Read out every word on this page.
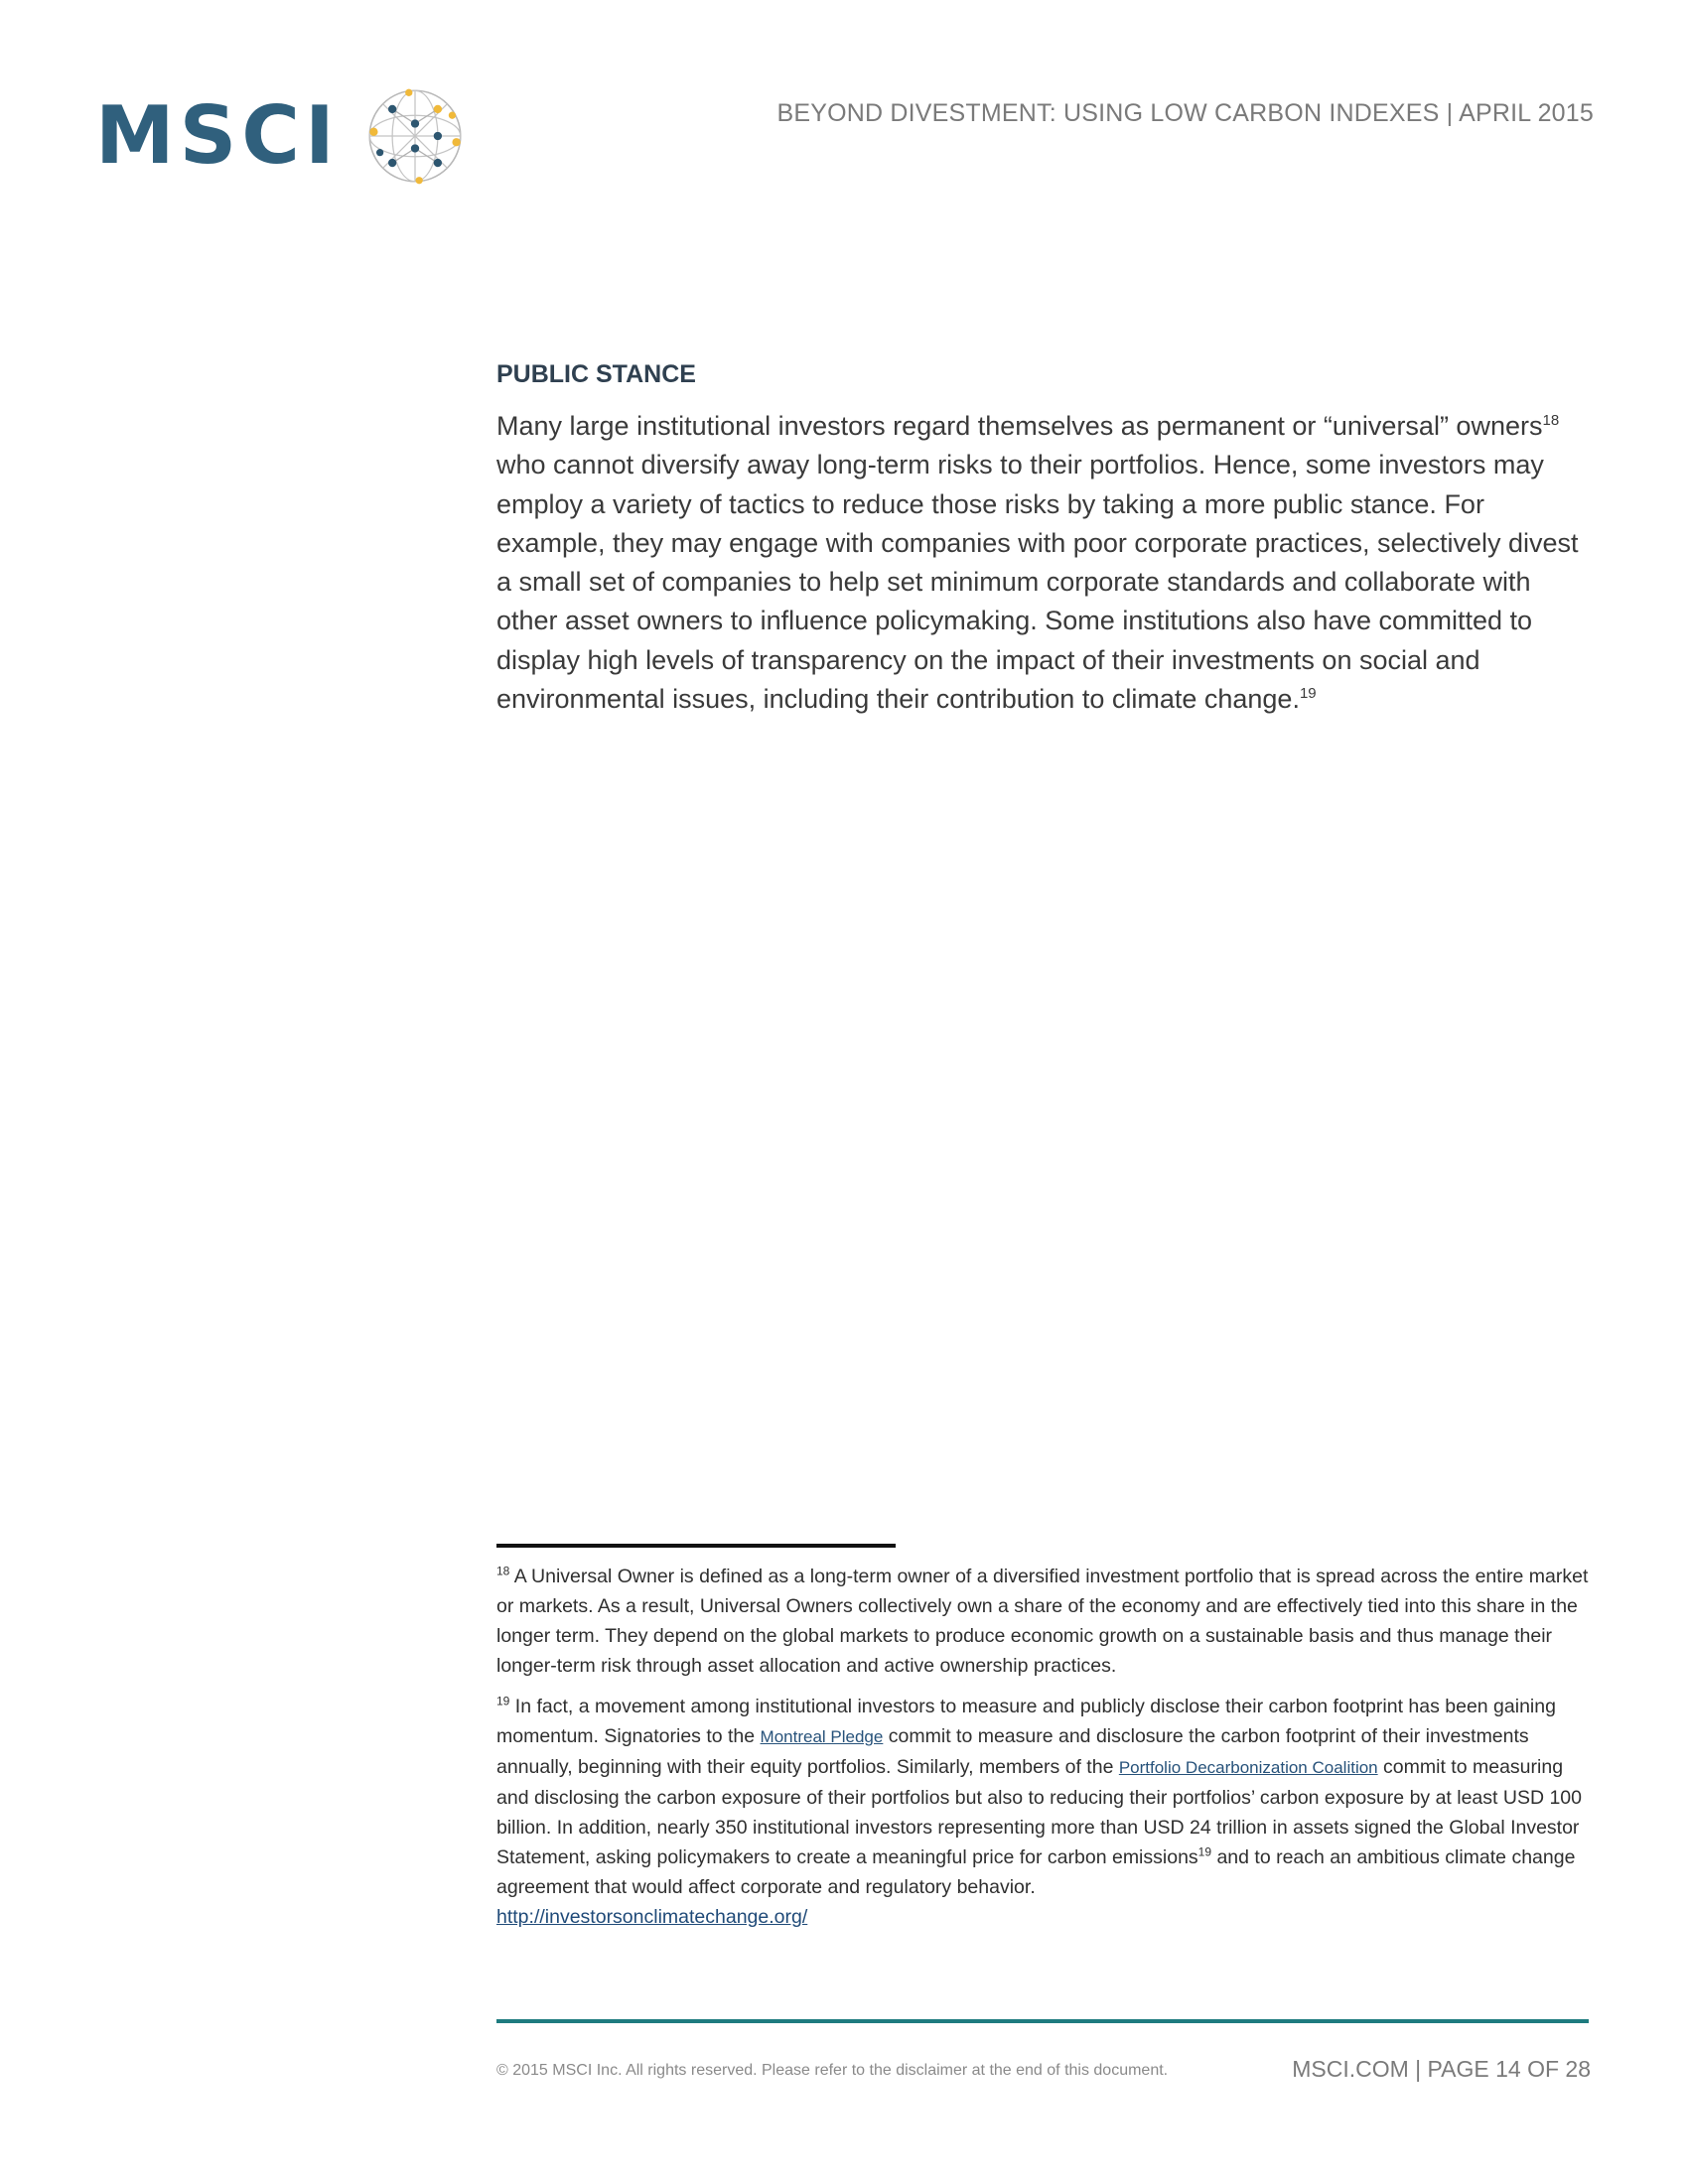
MSCI	BEYOND DIVESTMENT: USING LOW CARBON INDEXES | APRIL 2015
PUBLIC STANCE

Many large institutional investors regard themselves as permanent or “universal” owners$^{18}$ who cannot diversify away long-term risks to their portfolios. Hence, some investors may employ a variety of tactics to reduce those risks by taking a more public stance. For example, they may engage with companies with poor corporate practices, selectively divest a small set of companies to help set minimum corporate standards and collaborate with other asset owners to influence policymaking. Some institutions also have committed to display high levels of transparency on the impact of their investments on social and environmental issues, including their contribution to climate change.$^{19}$

$^{18}$ A Universal Owner is defined as a long-term owner of a diversified investment portfolio that is spread across the entire market or markets. As a result, Universal Owners collectively own a share of the economy and are effectively tied into this share in the longer term. They depend on the global markets to produce economic growth on a sustainable basis and thus manage their longer-term risk through asset allocation and active ownership practices.

$^{19}$ In fact, a movement among institutional investors to measure and publicly disclose their carbon footprint has been gaining momentum. Signatories to the Montreal Pledge commit to measure and disclosure the carbon footprint of their investments annually, beginning with their equity portfolios. Similarly, members of the Portfolio Decarbonization Coalition commit to measuring and disclosing the carbon exposure of their portfolios but also to reducing their portfolios’ carbon exposure by at least USD 100 billion. In addition, nearly 350 institutional investors representing more than USD 24 trillion in assets signed the Global Investor Statement, asking policymakers to create a meaningful price for carbon emissions$^{19}$ and to reach an ambitious climate change agreement that would affect corporate and regulatory behavior.
http://investorsonclimatechange.org/

© 2015 MSCI Inc. All rights reserved. Please refer to the disclaimer at the end of this document.	MSCI.COM | PAGE 14 OF 28
